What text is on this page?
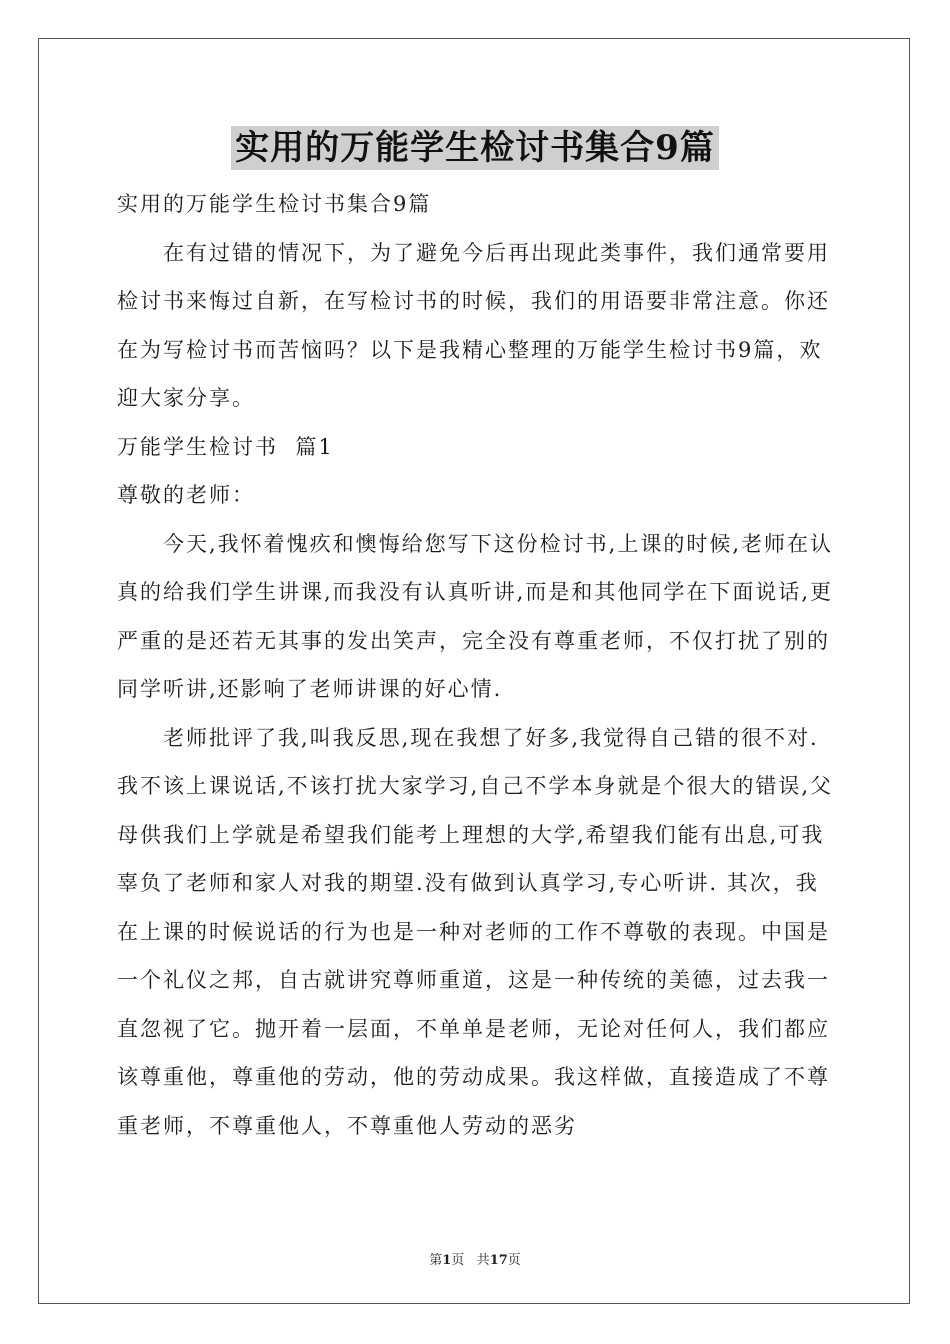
实用的万能学生检讨书集合9篇

实用的万能学生检讨书集合9篇

在有过错的情况下，为了避免今后再出现此类事件，我们通常要用检讨书来悔过自新，在写检讨书的时候，我们的用语要非常注意。你还在为写检讨书而苦恼吗？以下是我精心整理的万能学生检讨书9篇，欢迎大家分享。

万能学生检讨书  篇1

尊敬的老师：

今天,我怀着愧疚和懊悔给您写下这份检讨书,上课的时候,老师在认真的给我们学生讲课,而我没有认真听讲,而是和其他同学在下面说话,更严重的是还若无其事的发出笑声，完全没有尊重老师，不仅打扰了别的同学听讲,还影响了老师讲课的好心情.

老师批评了我,叫我反思,现在我想了好多,我觉得自己错的很不对.我不该上课说话,不该打扰大家学习,自己不学本身就是个很大的错误,父母供我们上学就是希望我们能考上理想的大学,希望我们能有出息,可我辜负了老师和家人对我的期望.没有做到认真学习,专心听讲. 其次，我在上课的时候说话的行为也是一种对老师的工作不尊敬的表现。中国是一个礼仪之邦，自古就讲究尊师重道，这是一种传统的美德，过去我一直忽视了它。抛开着一层面，不单单是老师，无论对任何人，我们都应该尊重他，尊重他的劳动，他的劳动成果。我这样做，直接造成了不尊重老师，不尊重他人，不尊重他人劳动的恶劣

第1页 共17页
